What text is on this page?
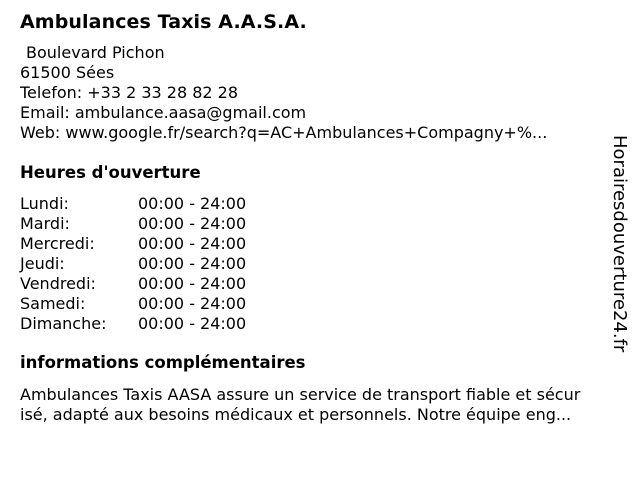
Ambulances Taxis A.A.S.A.
Boulevard Pichon
61500 Sées
Telefon: +33 2 33 28 82 28
Email: ambulance.aasa@gmail.com
Web: www.google.fr/search?q=AC+Ambulances+Compagny+%...
Heures d'ouverture
Lundi:	00:00 - 24:00
Mardi:	00:00 - 24:00
Mercredi:	00:00 - 24:00
Jeudi:	00:00 - 24:00
Vendredi:	00:00 - 24:00
Samedi:	00:00 - 24:00
Dimanche:	00:00 - 24:00
informations complémentaires
Ambulances Taxis AASA assure un service de transport fiable et sécur
isé, adapté aux besoins médicaux et personnels. Notre équipe eng...
Horairesdouverture24.fr
